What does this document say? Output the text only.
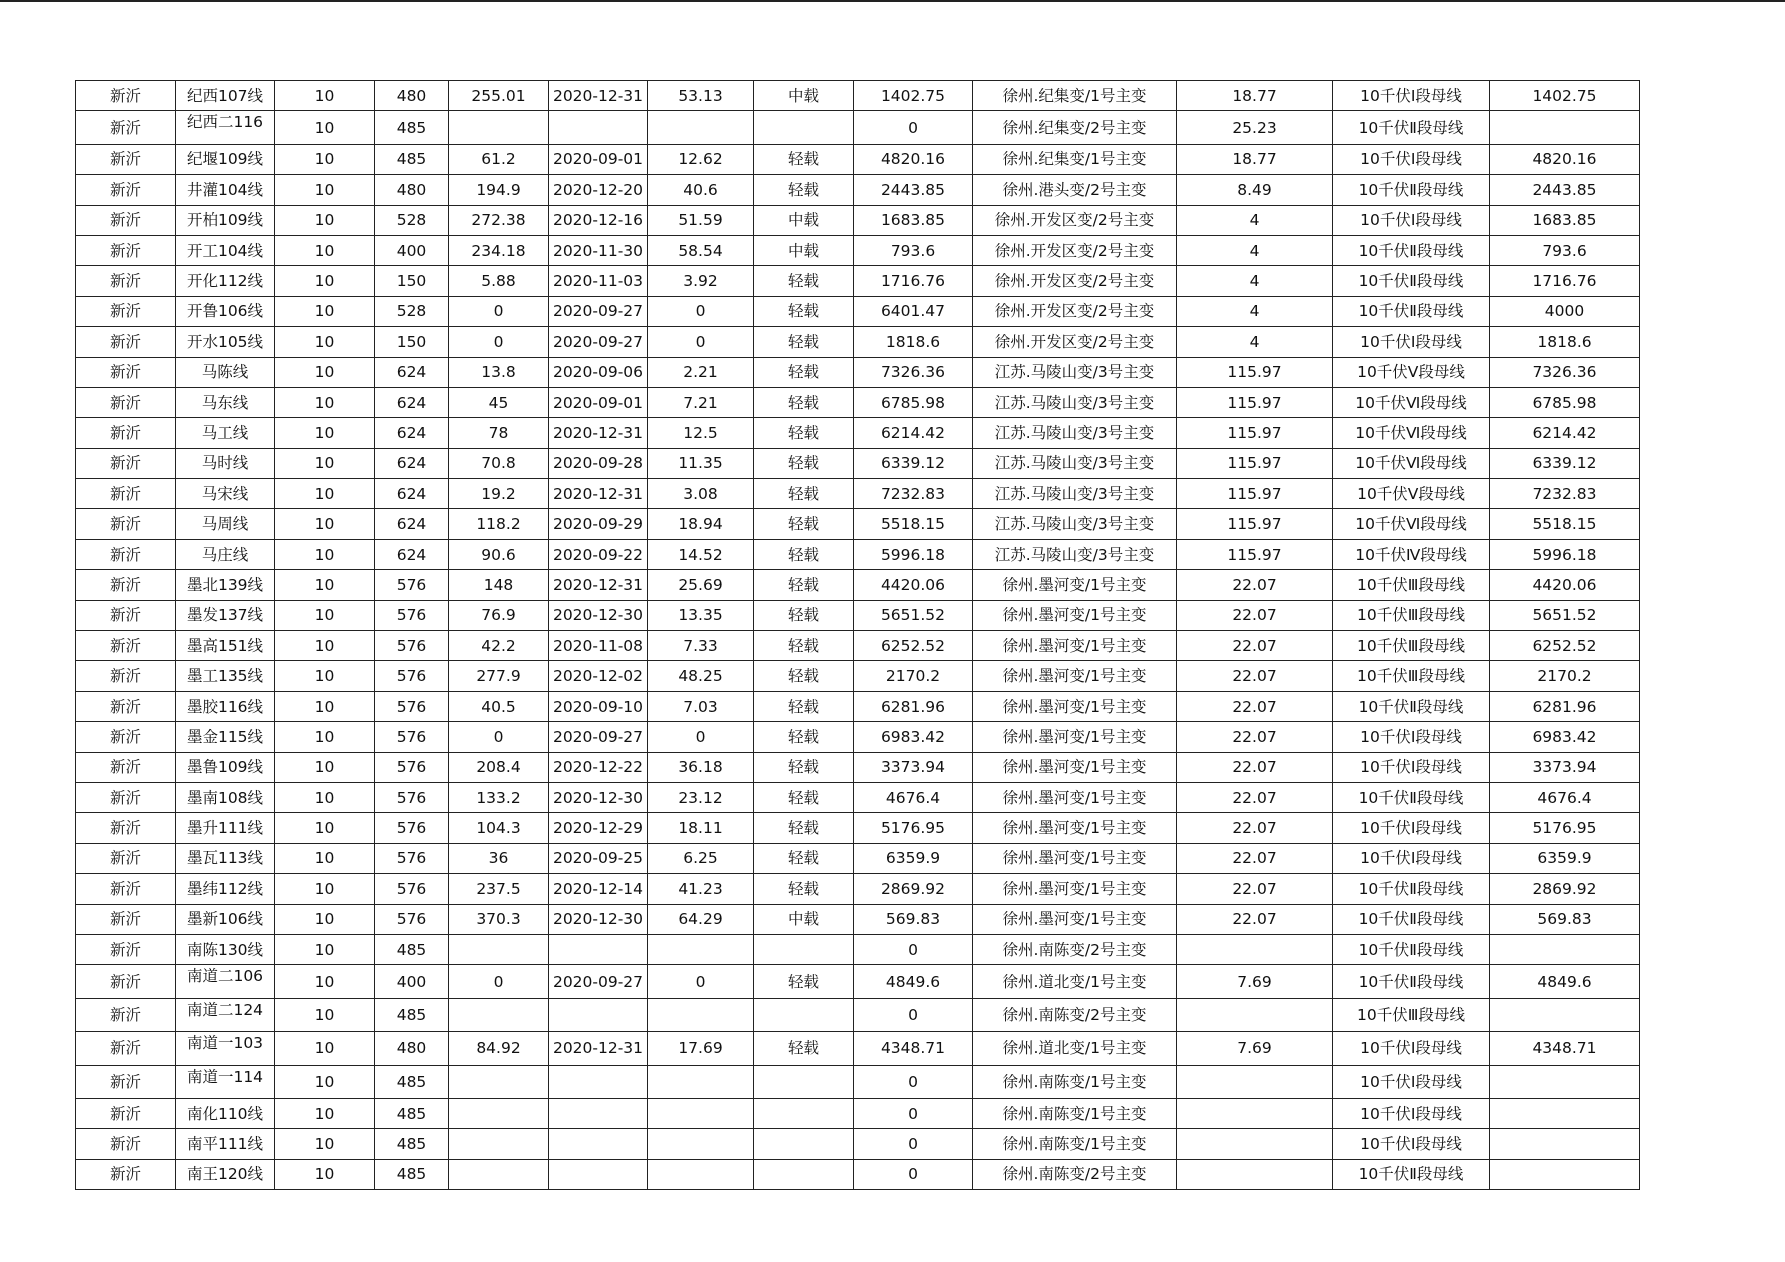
新沂	纪西107线	10	480	255.01	2020-12-31	53.13	中载	1402.75	徐州.纪集变/1号主变	18.77	10千伏Ⅰ段母线	1402.75
新沂	纪西二116	10	485					0	徐州.纪集变/2号主变	25.23	10千伏Ⅱ段母线	
新沂	纪堰109线	10	485	61.2	2020-09-01	12.62	轻载	4820.16	徐州.纪集变/1号主变	18.77	10千伏Ⅰ段母线	4820.16
新沂	井灌104线	10	480	194.9	2020-12-20	40.6	轻载	2443.85	徐州.港头变/2号主变	8.49	10千伏Ⅱ段母线	2443.85
新沂	开柏109线	10	528	272.38	2020-12-16	51.59	中载	1683.85	徐州.开发区变/2号主变	4	10千伏Ⅰ段母线	1683.85
新沂	开工104线	10	400	234.18	2020-11-30	58.54	中载	793.6	徐州.开发区变/2号主变	4	10千伏Ⅱ段母线	793.6
新沂	开化112线	10	150	5.88	2020-11-03	3.92	轻载	1716.76	徐州.开发区变/2号主变	4	10千伏Ⅱ段母线	1716.76
新沂	开鲁106线	10	528	0	2020-09-27	0	轻载	6401.47	徐州.开发区变/2号主变	4	10千伏Ⅱ段母线	4000
新沂	开水105线	10	150	0	2020-09-27	0	轻载	1818.6	徐州.开发区变/2号主变	4	10千伏Ⅰ段母线	1818.6
新沂	马陈线	10	624	13.8	2020-09-06	2.21	轻载	7326.36	江苏.马陵山变/3号主变	115.97	10千伏Ⅴ段母线	7326.36
新沂	马东线	10	624	45	2020-09-01	7.21	轻载	6785.98	江苏.马陵山变/3号主变	115.97	10千伏Ⅵ段母线	6785.98
新沂	马工线	10	624	78	2020-12-31	12.5	轻载	6214.42	江苏.马陵山变/3号主变	115.97	10千伏Ⅵ段母线	6214.42
新沂	马时线	10	624	70.8	2020-09-28	11.35	轻载	6339.12	江苏.马陵山变/3号主变	115.97	10千伏Ⅵ段母线	6339.12
新沂	马宋线	10	624	19.2	2020-12-31	3.08	轻载	7232.83	江苏.马陵山变/3号主变	115.97	10千伏Ⅴ段母线	7232.83
新沂	马周线	10	624	118.2	2020-09-29	18.94	轻载	5518.15	江苏.马陵山变/3号主变	115.97	10千伏Ⅵ段母线	5518.15
新沂	马庄线	10	624	90.6	2020-09-22	14.52	轻载	5996.18	江苏.马陵山变/3号主变	115.97	10千伏Ⅳ段母线	5996.18
新沂	墨北139线	10	576	148	2020-12-31	25.69	轻载	4420.06	徐州.墨河变/1号主变	22.07	10千伏Ⅲ段母线	4420.06
新沂	墨发137线	10	576	76.9	2020-12-30	13.35	轻载	5651.52	徐州.墨河变/1号主变	22.07	10千伏Ⅲ段母线	5651.52
新沂	墨高151线	10	576	42.2	2020-11-08	7.33	轻载	6252.52	徐州.墨河变/1号主变	22.07	10千伏Ⅲ段母线	6252.52
新沂	墨工135线	10	576	277.9	2020-12-02	48.25	轻载	2170.2	徐州.墨河变/1号主变	22.07	10千伏Ⅲ段母线	2170.2
新沂	墨胶116线	10	576	40.5	2020-09-10	7.03	轻载	6281.96	徐州.墨河变/1号主变	22.07	10千伏Ⅱ段母线	6281.96
新沂	墨金115线	10	576	0	2020-09-27	0	轻载	6983.42	徐州.墨河变/1号主变	22.07	10千伏Ⅰ段母线	6983.42
新沂	墨鲁109线	10	576	208.4	2020-12-22	36.18	轻载	3373.94	徐州.墨河变/1号主变	22.07	10千伏Ⅰ段母线	3373.94
新沂	墨南108线	10	576	133.2	2020-12-30	23.12	轻载	4676.4	徐州.墨河变/1号主变	22.07	10千伏Ⅱ段母线	4676.4
新沂	墨升111线	10	576	104.3	2020-12-29	18.11	轻载	5176.95	徐州.墨河变/1号主变	22.07	10千伏Ⅰ段母线	5176.95
新沂	墨瓦113线	10	576	36	2020-09-25	6.25	轻载	6359.9	徐州.墨河变/1号主变	22.07	10千伏Ⅰ段母线	6359.9
新沂	墨纬112线	10	576	237.5	2020-12-14	41.23	轻载	2869.92	徐州.墨河变/1号主变	22.07	10千伏Ⅱ段母线	2869.92
新沂	墨新106线	10	576	370.3	2020-12-30	64.29	中载	569.83	徐州.墨河变/1号主变	22.07	10千伏Ⅱ段母线	569.83
新沂	南陈130线	10	485					0	徐州.南陈变/2号主变		10千伏Ⅱ段母线	
新沂	南道二106	10	400	0	2020-09-27	0	轻载	4849.6	徐州.道北变/1号主变	7.69	10千伏Ⅱ段母线	4849.6
新沂	南道二124	10	485					0	徐州.南陈变/2号主变		10千伏Ⅲ段母线	
新沂	南道一103	10	480	84.92	2020-12-31	17.69	轻载	4348.71	徐州.道北变/1号主变	7.69	10千伏Ⅰ段母线	4348.71
新沂	南道一114	10	485					0	徐州.南陈变/1号主变		10千伏Ⅰ段母线	
新沂	南化110线	10	485					0	徐州.南陈变/1号主变		10千伏Ⅰ段母线	
新沂	南平111线	10	485					0	徐州.南陈变/1号主变		10千伏Ⅰ段母线	
新沂	南王120线	10	485					0	徐州.南陈变/2号主变		10千伏Ⅱ段母线	
